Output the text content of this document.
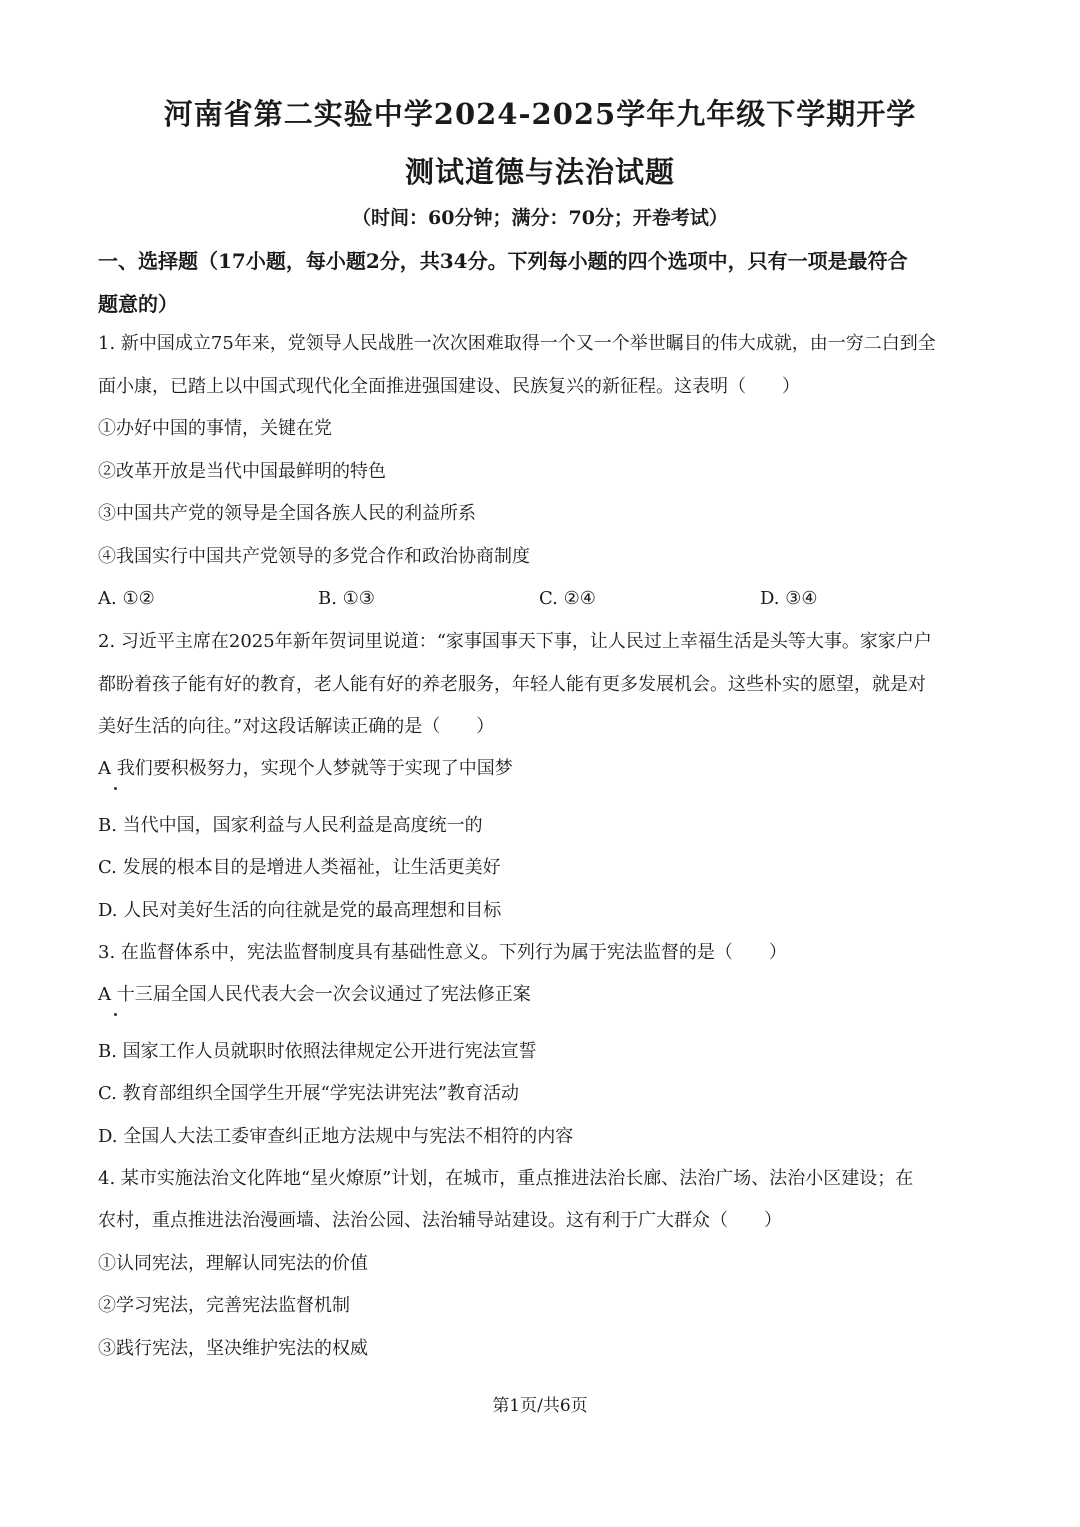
河南省第二实验中学2024-2025学年九年级下学期开学
测试道德与法治试题
（时间：60分钟；满分：70分；开卷考试）
一、选择题（17小题，每小题2分，共34分。下列每小题的四个选项中，只有一项是最符合
题意的）
1. 新中国成立75年来，党领导人民战胜一次次困难取得一个又一个举世瞩目的伟大成就，由一穷二白到全
面小康，已踏上以中国式现代化全面推进强国建设、民族复兴的新征程。这表明（　　）
①办好中国的事情，关键在党
②改革开放是当代中国最鲜明的特色
③中国共产党的领导是全国各族人民的利益所系
④我国实行中国共产党领导的多党合作和政治协商制度
A. ①②	B. ①③	C. ②④	D. ③④
2. 习近平主席在2025年新年贺词里说道：“家事国事天下事，让人民过上幸福生活是头等大事。家家户户
都盼着孩子能有好的教育，老人能有好的养老服务，年轻人能有更多发展机会。这些朴实的愿望，就是对
美好生活的向往。”对这段话解读正确的是（　　）
A 我们要积极努力，实现个人梦就等于实现了中国梦
B. 当代中国，国家利益与人民利益是高度统一的
C. 发展的根本目的是增进人类福祉，让生活更美好
D. 人民对美好生活的向往就是党的最高理想和目标
3. 在监督体系中，宪法监督制度具有基础性意义。下列行为属于宪法监督的是（　　）
A 十三届全国人民代表大会一次会议通过了宪法修正案
B. 国家工作人员就职时依照法律规定公开进行宪法宣誓
C. 教育部组织全国学生开展“学宪法讲宪法”教育活动
D. 全国人大法工委审查纠正地方法规中与宪法不相符的内容
4. 某市实施法治文化阵地“星火燎原”计划，在城市，重点推进法治长廊、法治广场、法治小区建设；在
农村，重点推进法治漫画墙、法治公园、法治辅导站建设。这有利于广大群众（　　）
①认同宪法，理解认同宪法的价值
②学习宪法，完善宪法监督机制
③践行宪法，坚决维护宪法的权威
第1页/共6页
